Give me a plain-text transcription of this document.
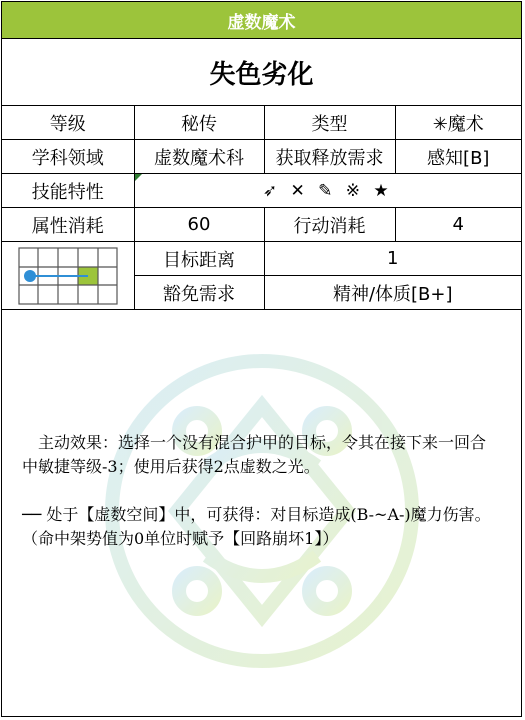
虚数魔术
失色劣化
等级	秘传	类型	✳魔术
学科领域	虚数魔术科	获取释放需求	感知[B]
技能特性	➶ ✕ ✎ ※ ★		
属性消耗	60	行动消耗	4

	目标距离	1	
	豁免需求	精神/体质[B+]	

主动效果：选择一个没有混合护甲的目标，令其在接下来一回合中敏捷等级-3；使用后获得2点虚数之光。

── 处于【虚数空间】中，可获得：对目标造成(B-~A-)魔力伤害。

（命中架势值为0单位时赋予【回路崩坏1】）
